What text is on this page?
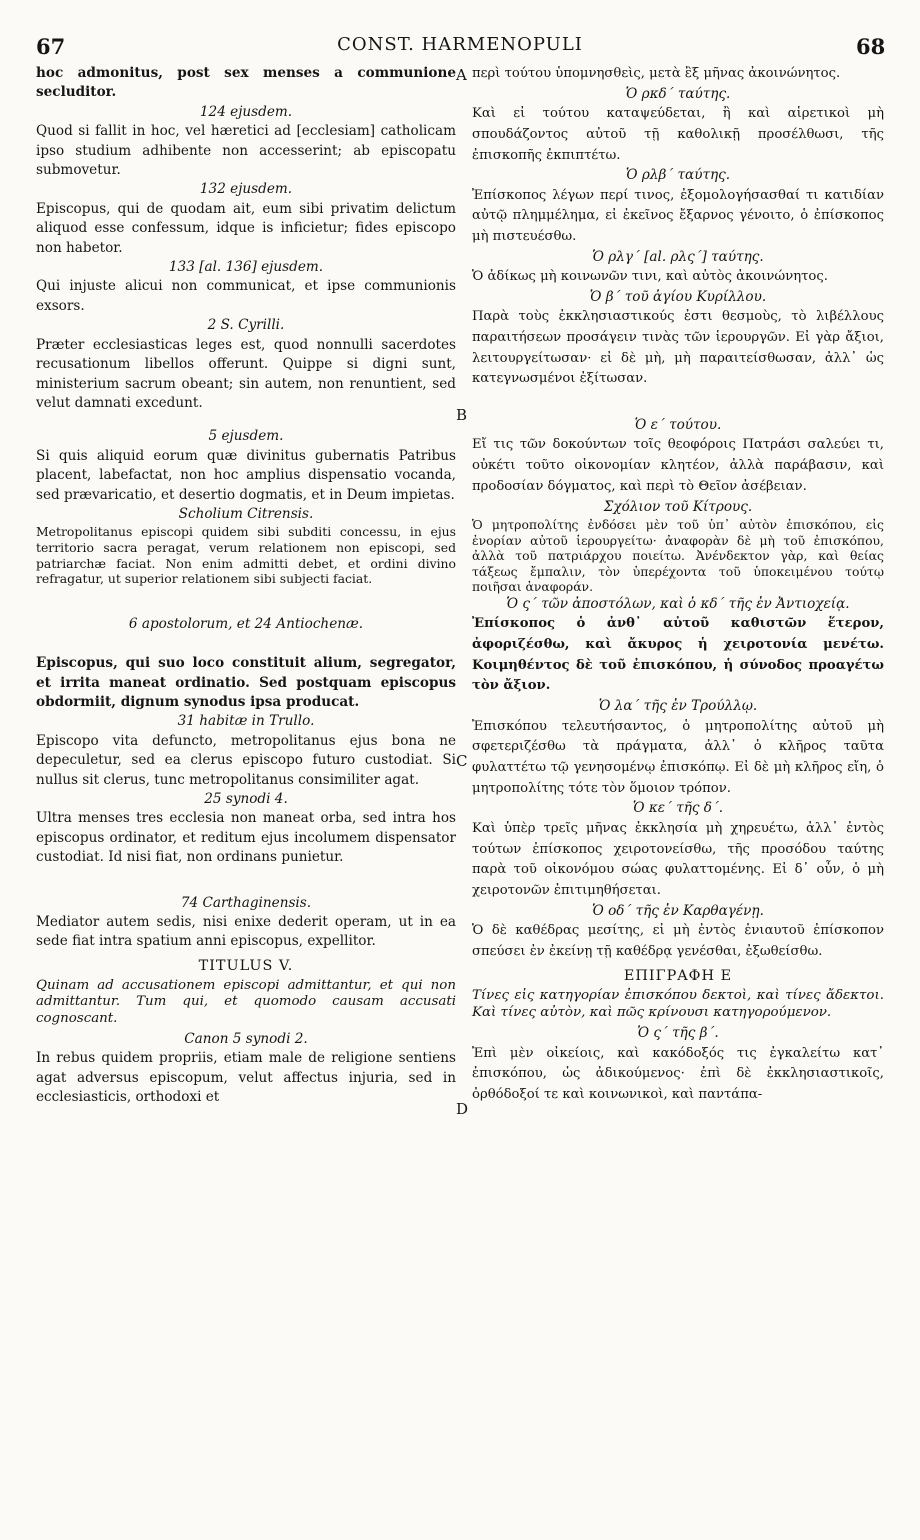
67	CONST. HARMENOPULI	68
A
B
C
D

hoc admonitus, post sex menses a communione secluditor.

124 ejusdem.

Quod si fallit in hoc, vel hæretici ad [ecclesiam] catholicam ipso studium adhibente non accesserint; ab episcopatu submovetur.

132 ejusdem.

Episcopus, qui de quodam ait, eum sibi privatim delictum aliquod esse confessum, idque is inficietur; fides episcopo non habetor.

133 [al. 136] ejusdem.

Qui injuste alicui non communicat, et ipse communionis exsors.

2 S. Cyrilli.

Præter ecclesiasticas leges est, quod nonnulli sacerdotes recusationum libellos offerunt. Quippe si digni sunt, ministerium sacrum obeant; sin autem, non renuntient, sed velut damnati excedunt.

5 ejusdem.

Si quis aliquid eorum quæ divinitus gubernatis Patribus placent, labefactat, non hoc amplius dispensatio vocanda, sed prævaricatio, et desertio dogmatis, et in Deum impietas.

Scholium Citrensis.

Metropolitanus episcopi quidem sibi subditi concessu, in ejus territorio sacra peragat, verum relationem non episcopi, sed patriarchæ faciat. Non enim admitti debet, et ordini divino refragatur, ut superior relationem sibi subjecti faciat.

6 apostolorum, et 24 Antiochenæ.

Episcopus, qui suo loco constituit alium, segregator, et irrita maneat ordinatio. Sed postquam episcopus obdormiit, dignum synodus ipsa producat.

31 habitæ in Trullo.

Episcopo vita defuncto, metropolitanus ejus bona ne depeculetur, sed ea clerus episcopo futuro custodiat. Si nullus sit clerus, tunc metropolitanus consimiliter agat.

25 synodi 4.

Ultra menses tres ecclesia non maneat orba, sed intra hos episcopus ordinator, et reditum ejus incolumem dispensator custodiat. Id nisi fiat, non ordinans punietur.

74 Carthaginensis.

Mediator autem sedis, nisi enixe dederit operam, ut in ea sede fiat intra spatium anni episcopus, expellitor.

TITULUS V.

Quinam ad accusationem episcopi admittantur, et qui non admittantur. Tum qui, et quomodo causam accusati cognoscant.

Canon 5 synodi 2.

In rebus quidem propriis, etiam male de religione sentiens agat adversus episcopum, velut affectus injuria, sed in ecclesiasticis, orthodoxi et

περὶ τούτου ὑπομνησθεὶς, μετὰ ἓξ μῆνας ἀκοινώνητος.

Ὁ ρκδ´ ταύτης.

Καὶ εἰ τούτου καταψεύδεται, ἢ καὶ αἱρετικοὶ μὴ σπουδάζοντος αὐτοῦ τῇ καθολικῇ προσέλθωσι, τῆς ἐπισκοπῆς ἐκπιπτέτω.

Ὁ ρλβ´ ταύτης.

Ἐπίσκοπος λέγων περί τινος, ἐξομολογήσασθαί τι κατιδίαν αὐτῷ πλημμέλημα, εἰ ἐκεῖνος ἔξαρνος γένοιτο, ὁ ἐπίσκοπος μὴ πιστευέσθω.

Ὁ ρλγ´ [al. ρλς´] ταύτης.

Ὁ ἀδίκως μὴ κοινωνῶν τινι, καὶ αὐτὸς ἀκοινώνητος.

Ὁ β´ τοῦ ἁγίου Κυρίλλου.

Παρὰ τοὺς ἐκκλησιαστικούς ἐστι θεσμοὺς, τὸ λιβέλλους παραιτήσεων προσάγειν τινὰς τῶν ἱερουργῶν. Εἰ γὰρ ἄξιοι, λειτουργείτωσαν· εἰ δὲ μὴ, μὴ παραιτείσθωσαν, ἀλλ᾽ ὡς κατεγνωσμένοι ἐξίτωσαν.

Ὁ ε´ τούτου.

Εἴ τις τῶν δοκούντων τοῖς θεοφόροις Πατράσι σαλεύει τι, οὐκέτι τοῦτο οἰκονομίαν κλητέον, ἀλλὰ παράβασιν, καὶ προδοσίαν δόγματος, καὶ περὶ τὸ Θεῖον ἀσέβειαν.

Σχόλιον τοῦ Κίτρους.

Ὁ μητροπολίτης ἐνδόσει μὲν τοῦ ὑπ᾽ αὐτὸν ἐπισκόπου, εἰς ἐνορίαν αὐτοῦ ἱερουργείτω· ἀναφορὰν δὲ μὴ τοῦ ἐπισκόπου, ἀλλὰ τοῦ πατριάρχου ποιείτω. Ἀνένδεκτον γὰρ, καὶ θείας τάξεως ἔμπαλιν, τὸν ὑπερέχοντα τοῦ ὑποκειμένου τούτῳ ποιῆσαι ἀναφοράν.

Ὁ ς´ τῶν ἀποστόλων, καὶ ὁ κδ´ τῆς ἐν Ἀντιοχείᾳ.

Ἐπίσκοπος ὁ ἀνθ᾽ αὐτοῦ καθιστῶν ἕτερον, ἀφοριζέσθω, καὶ ἄκυρος ἡ χειροτονία μενέτω. Κοιμηθέντος δὲ τοῦ ἐπισκόπου, ἡ σύνοδος προαγέτω τὸν ἄξιον.

Ὁ λα´ τῆς ἐν Τρούλλῳ.

Ἐπισκόπου τελευτήσαντος, ὁ μητροπολίτης αὐτοῦ μὴ σφετεριζέσθω τὰ πράγματα, ἀλλ᾽ ὁ κλῆρος ταῦτα φυλαττέτω τῷ γενησομένῳ ἐπισκόπῳ. Εἰ δὲ μὴ κλῆρος εἴη, ὁ μητροπολίτης τότε τὸν ὅμοιον τρόπον.

Ὁ κε´ τῆς δ´.

Καὶ ὑπὲρ τρεῖς μῆνας ἐκκλησία μὴ χηρευέτω, ἀλλ᾽ ἐντὸς τούτων ἐπίσκοπος χειροτονείσθω, τῆς προσόδου ταύτης παρὰ τοῦ οἰκονόμου σώας φυλαττομένης. Εἰ δ᾽ οὖν, ὁ μὴ χειροτονῶν ἐπιτιμηθήσεται.

Ὁ οδ´ τῆς ἐν Καρθαγένῃ.

Ὁ δὲ καθέδρας μεσίτης, εἰ μὴ ἐντὸς ἐνιαυτοῦ ἐπίσκοπον σπεύσει ἐν ἐκείνῃ τῇ καθέδρᾳ γενέσθαι, ἐξωθείσθω.

ΕΠΙΓΡΑΦΗ Ε

Τίνες εἰς κατηγορίαν ἐπισκόπου δεκτοὶ, καὶ τίνες ἄδεκτοι. Καὶ τίνες αὐτὸν, καὶ πῶς κρίνουσι κατηγορούμενον.

Ὁ ς´ τῆς β´.

Ἐπὶ μὲν οἰκείοις, καὶ κακόδοξός τις ἐγκαλείτω κατ᾽ ἐπισκόπου, ὡς ἀδικούμενος· ἐπὶ δὲ ἐκκλησιαστικοῖς, ὀρθόδοξοί τε καὶ κοινωνικοὶ, καὶ παντάπα-
